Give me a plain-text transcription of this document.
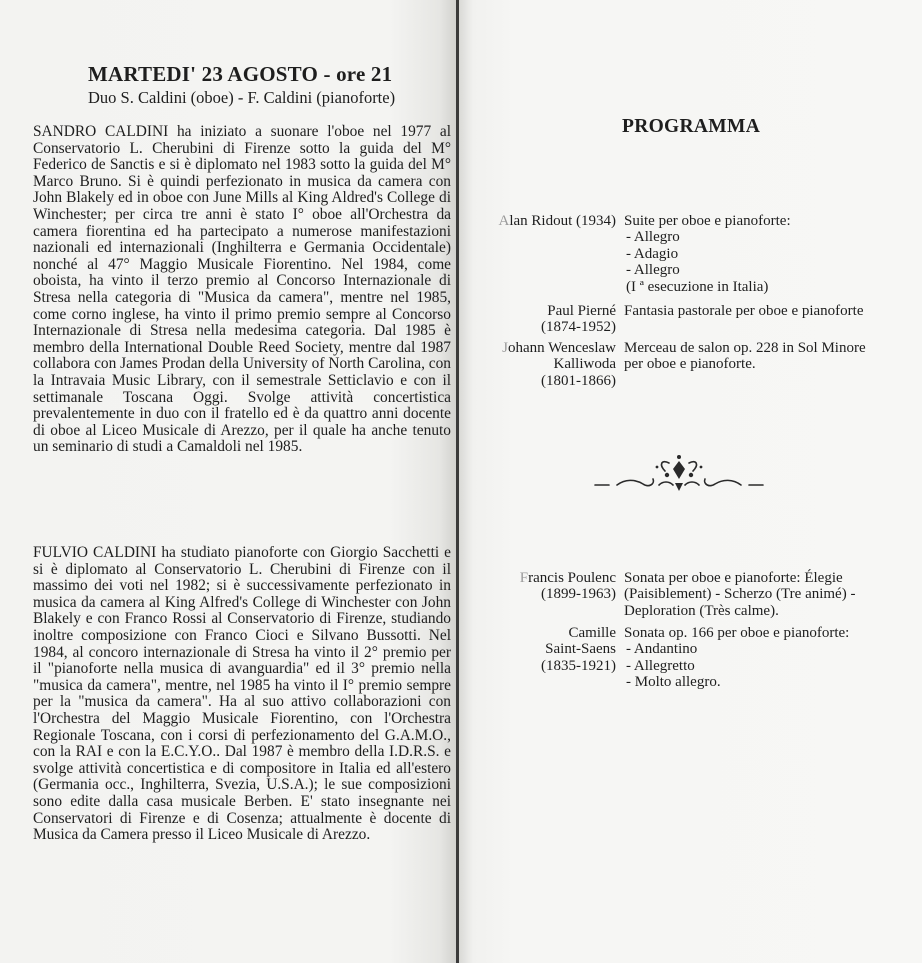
MARTEDI' 23 AGOSTO - ore 21

Duo S. Caldini (oboe) - F. Caldini (pianoforte)

SANDRO CALDINI ha iniziato a suonare l'oboe nel 1977 al Conservatorio L. Cherubini di Firenze sotto la guida del M° Federico de Sanctis e si è diplomato nel 1983 sotto la guida del M° Marco Bruno. Si è quindi perfezionato in musica da camera con John Blakely ed in oboe con June Mills al King Aldred's College di Winchester; per circa tre anni è stato I° oboe all'Orchestra da camera fiorentina ed ha partecipato a numerose manifestazioni nazionali ed internazionali (Inghilterra e Germania Occidentale) nonché al 47° Maggio Musicale Fiorentino. Nel 1984, come oboista, ha vinto il terzo premio al Concorso Internazionale di Stresa nella categoria di "Musica da camera", mentre nel 1985, come corno inglese, ha vinto il primo premio sempre al Concorso Internazionale di Stresa nella medesima categoria. Dal 1985 è membro della International Double Reed Society, mentre dal 1987 collabora con James Prodan della University of North Carolina, con la Intravaia Music Library, con il semestrale Setticlavio e con il settimanale Toscana Oggi. Svolge attività concertistica prevalentemente in duo con il fratello ed è da quattro anni docente di oboe al Liceo Musicale di Arezzo, per il quale ha anche tenuto un seminario di studi a Camaldoli nel 1985.

FULVIO CALDINI ha studiato pianoforte con Giorgio Sacchetti e si è diplomato al Conservatorio L. Cherubini di Firenze con il massimo dei voti nel 1982; si è successivamente perfezionato in musica da camera al King Alfred's College di Winchester con John Blakely e con Franco Rossi al Conservatorio di Firenze, studiando inoltre composizione con Franco Cioci e Silvano Bussotti. Nel 1984, al concoro internazionale di Stresa ha vinto il 2° premio per il "pianoforte nella musica di avanguardia" ed il 3° premio nella "musica da camera", mentre, nel 1985 ha vinto il I° premio sempre per la "musica da camera". Ha al suo attivo collaborazioni con l'Orchestra del Maggio Musicale Fiorentino, con l'Orchestra Regionale Toscana, con i corsi di perfezionamento del G.A.M.O., con la RAI e con la E.C.Y.O.. Dal 1987 è membro della I.D.R.S. e svolge attività concertistica e di compositore in Italia ed all'estero (Germania occ., Inghilterra, Svezia, U.S.A.); le sue composizioni sono edite dalla casa musicale Berben. E' stato insegnante nei Conservatori di Firenze e di Cosenza; attualmente è docente di Musica da Camera presso il Liceo Musicale di Arezzo.

PROGRAMMA
Alan Ridout (1934) Suite per oboe e pianoforte:
- Allegro
- Adagio
- Allegro
(I ª esecuzione in Italia)
Paul Pierné
(1874-1952)
Fantasia pastorale per oboe e pianoforte
Johann Wenceslaw
Kalliwoda
(1801-1866)
Merceau de salon op. 228 in Sol Minore
per oboe e pianoforte.
Francis Poulenc
(1899-1963)
Sonata per oboe e pianoforte: Élegie
(Paisiblement) - Scherzo (Tre animé) -
Deploration (Très calme).
Camille
Saint-Saens
(1835-1921)
Sonata op. 166 per oboe e pianoforte:
- Andantino
- Allegretto
- Molto allegro.
